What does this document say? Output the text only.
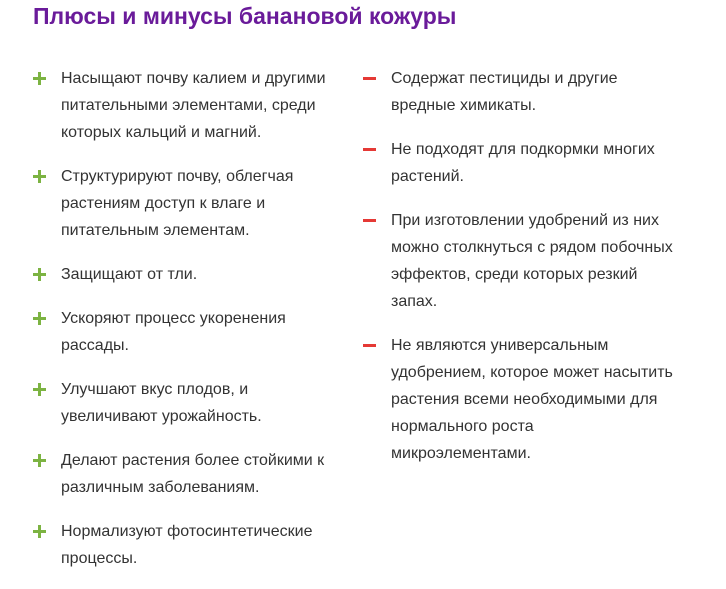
Плюсы и минусы банановой кожуры
Насыщают почву калием и другими
питательными элементами, среди
которых кальций и магний.
Структурируют почву, облегчая
растениям доступ к влаге и
питательным элементам.
Защищают от тли.
Ускоряют процесс укоренения
рассады.
Улучшают вкус плодов, и
увеличивают урожайность.
Делают растения более стойкими к
различным заболеваниям.
Нормализуют фотосинтетические
процессы.
Содержат пестициды и другие
вредные химикаты.
Не подходят для подкормки многих
растений.
При изготовлении удобрений из них
можно столкнуться с рядом побочных
эффектов, среди которых резкий
запах.
Не являются универсальным
удобрением, которое может насытить
растения всеми необходимыми для
нормального роста
микроэлементами.
